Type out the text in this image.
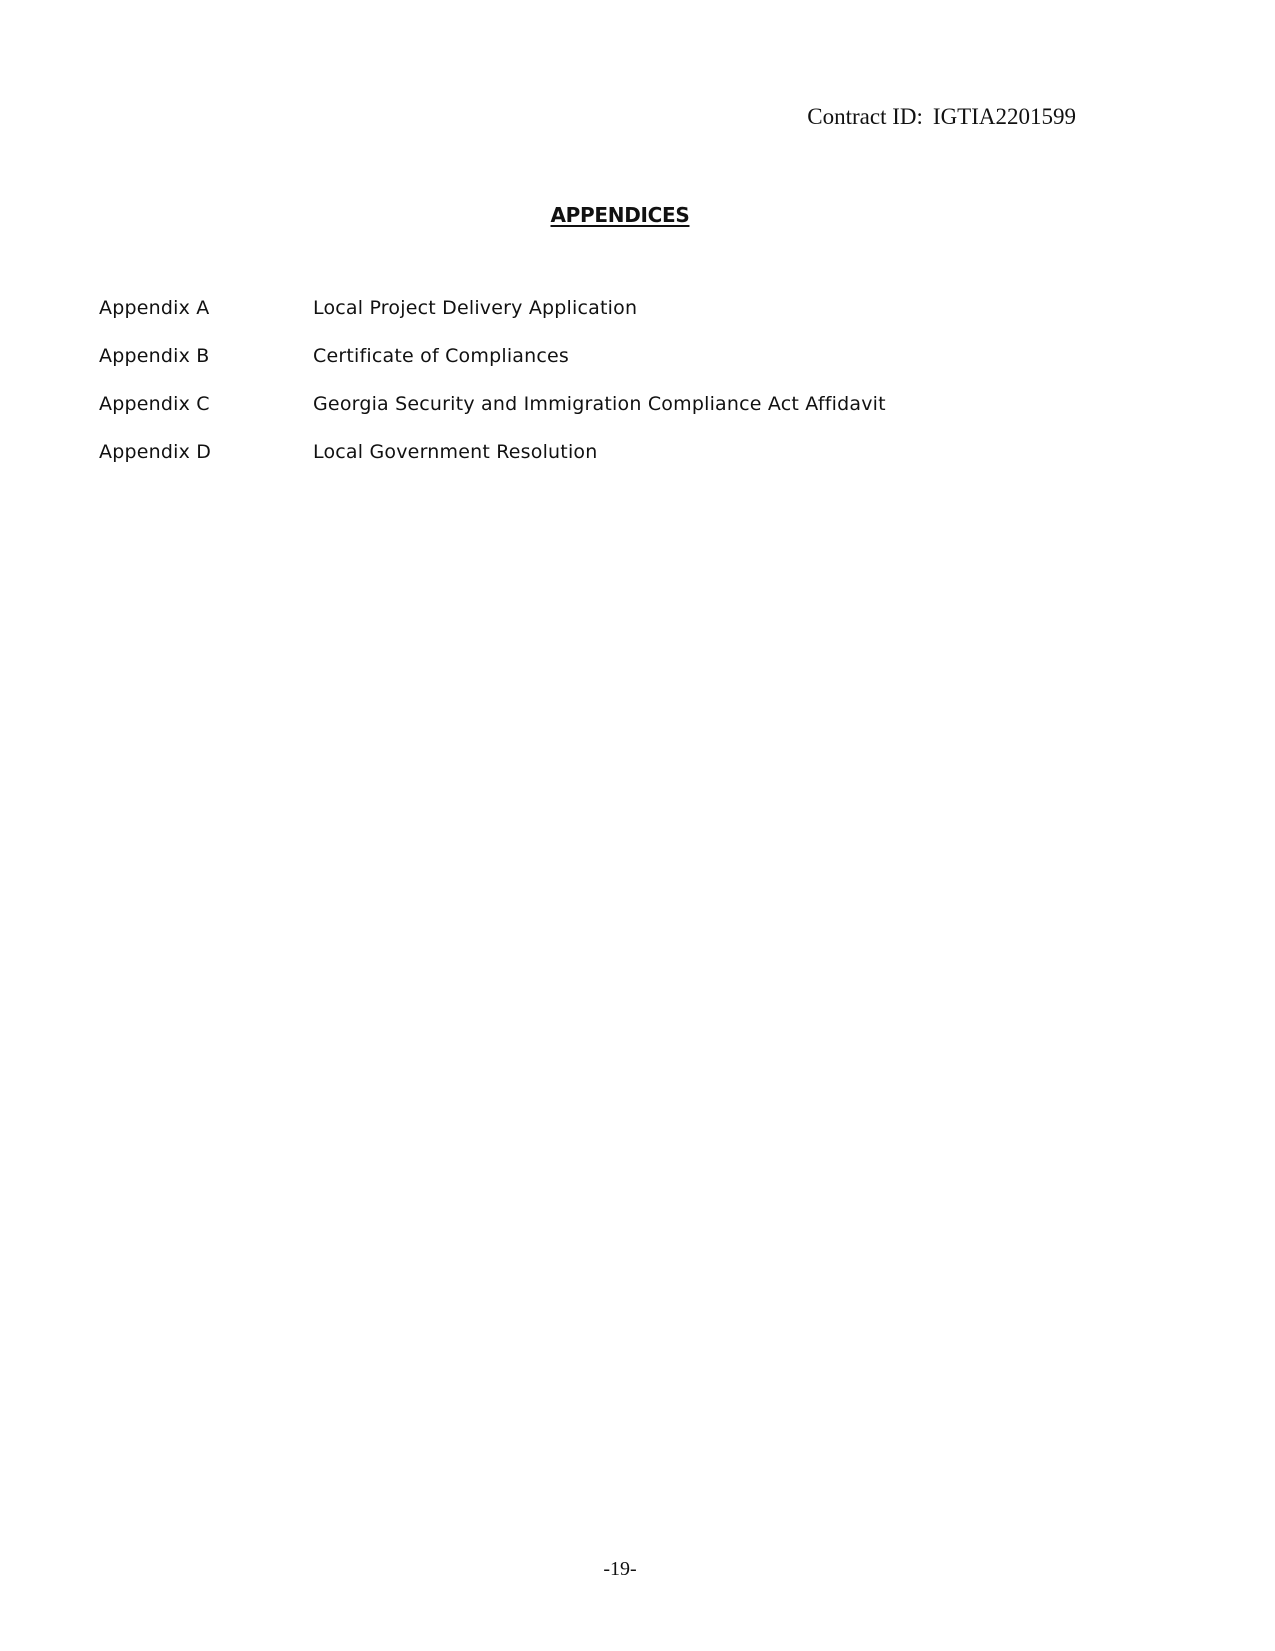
Contract ID: IGTIA2201599
APPENDICES
Appendix A	Local Project Delivery Application
Appendix B	Certificate of Compliances
Appendix C	Georgia Security and Immigration Compliance Act Affidavit
Appendix D	Local Government Resolution
-19-
